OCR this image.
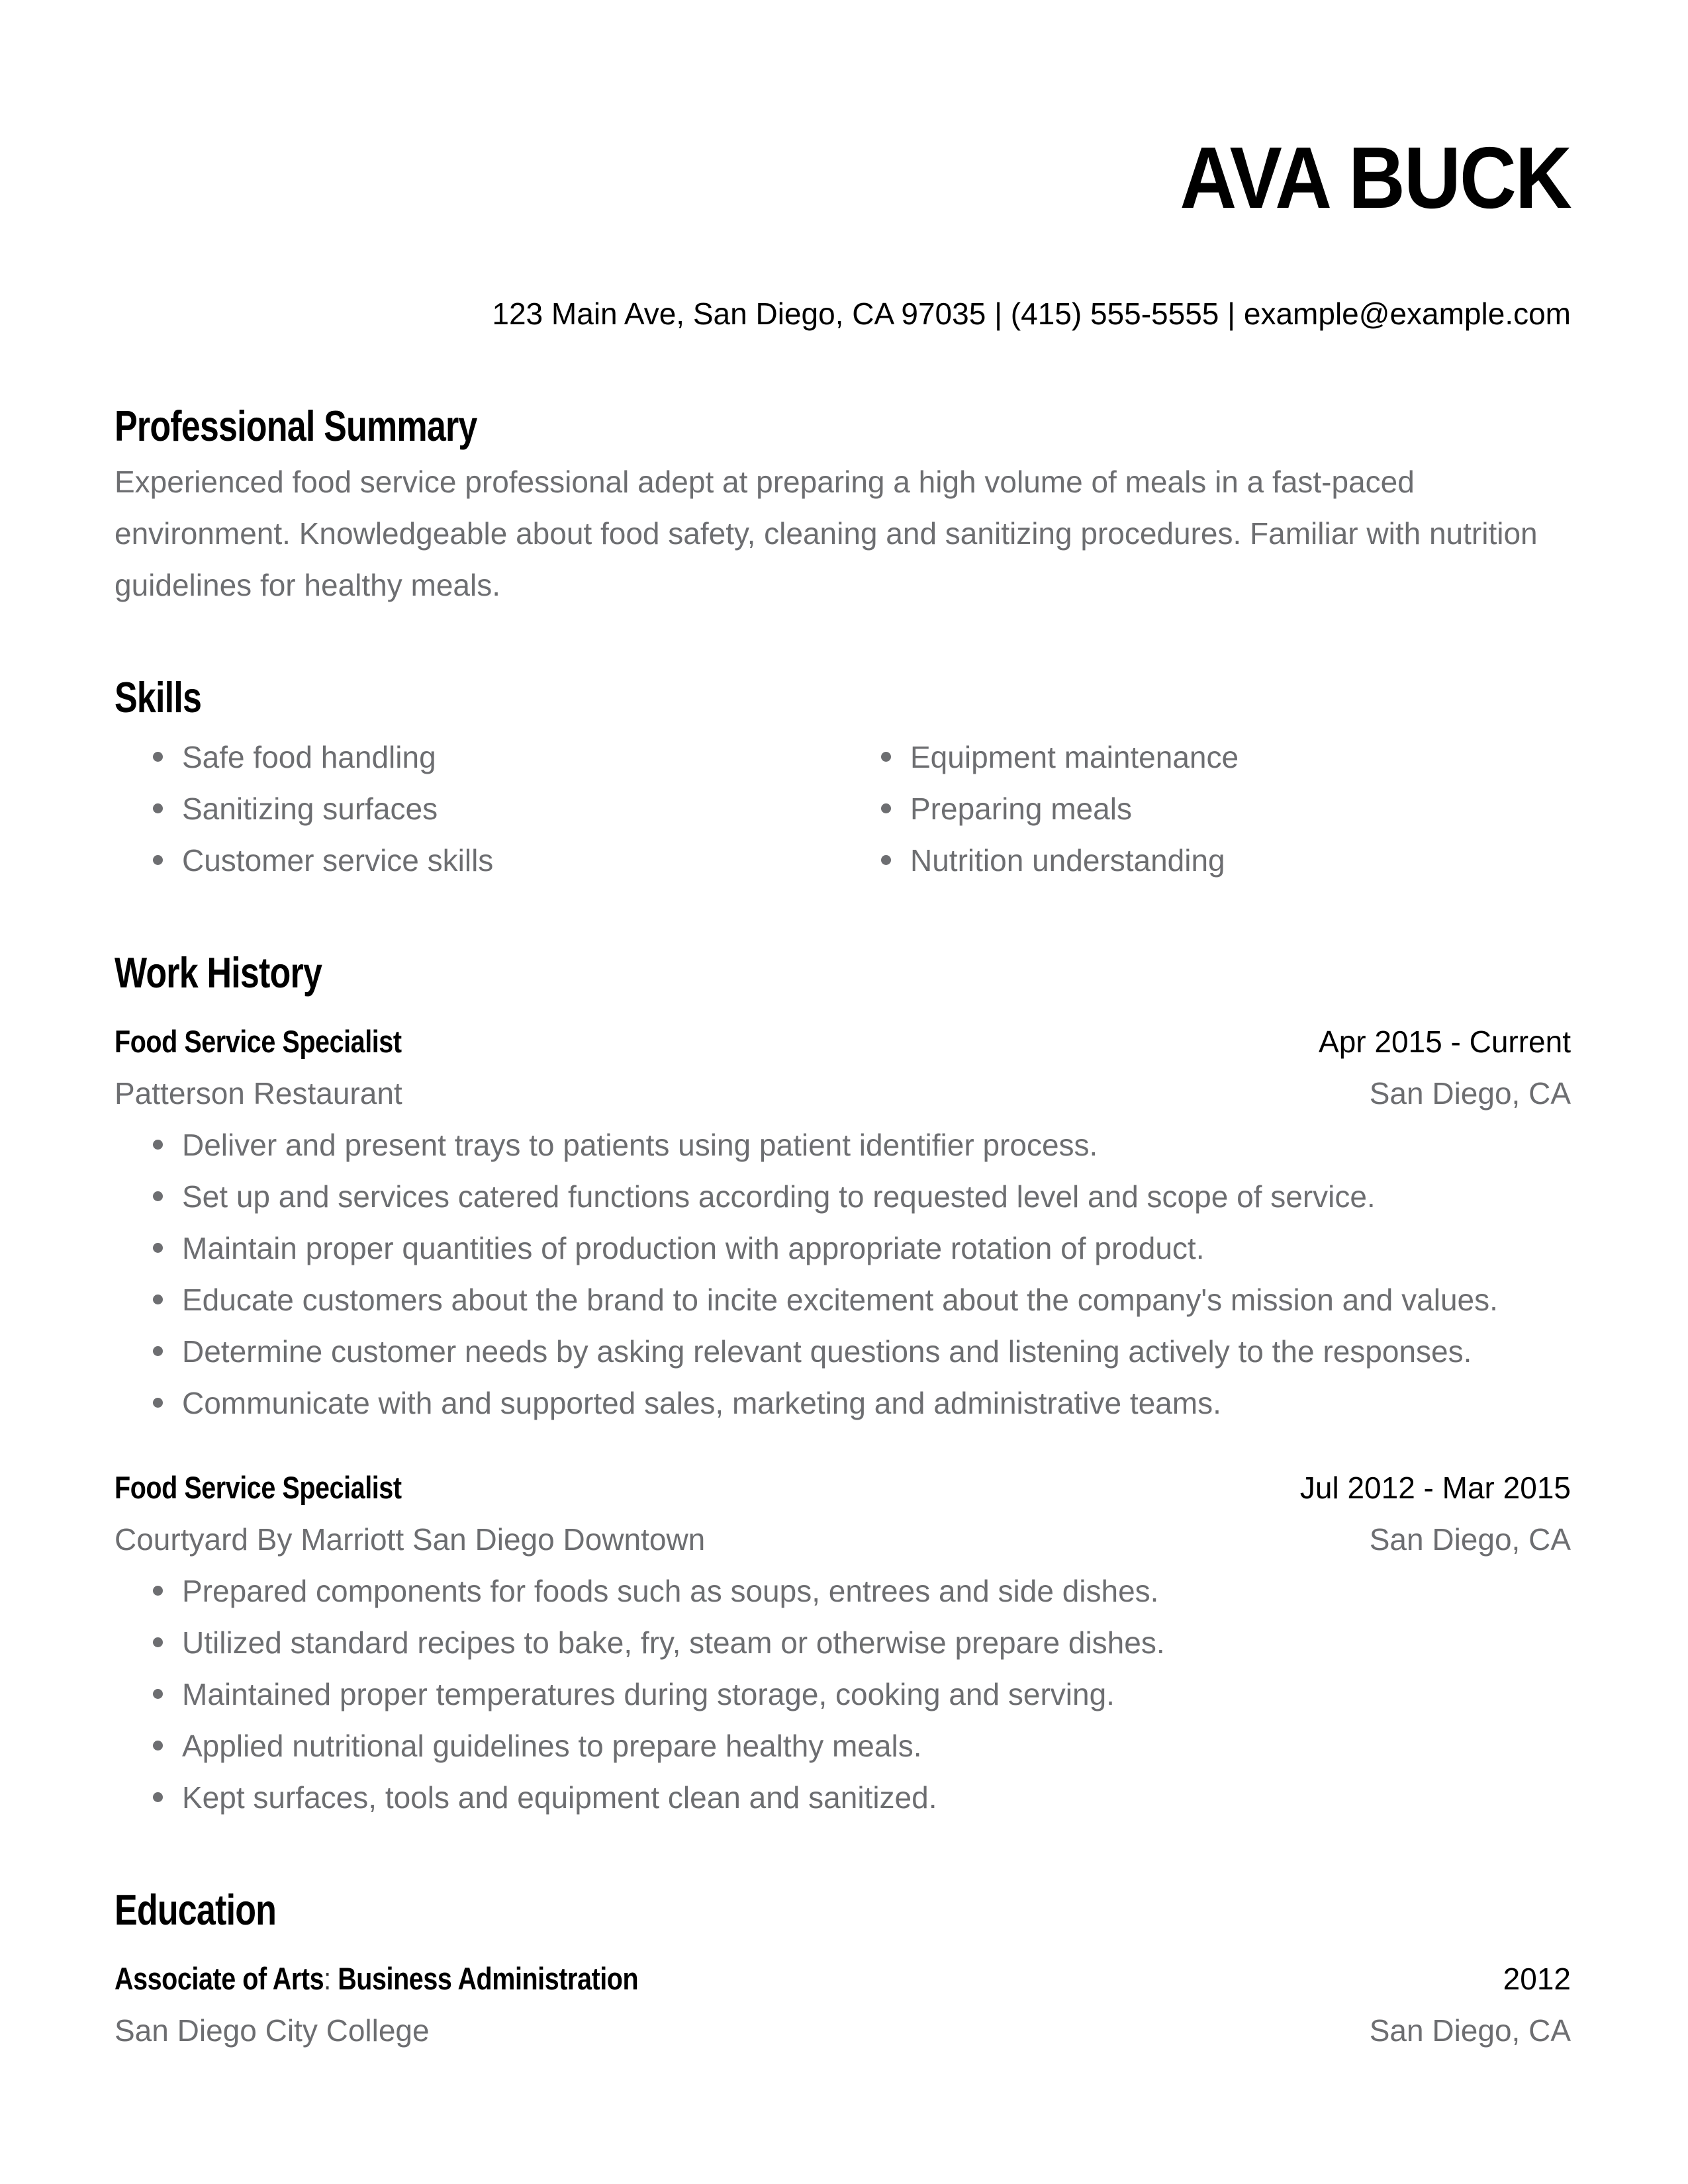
AVA BUCK
123 Main Ave, San Diego, CA 97035 | (415) 555-5555 | example@example.com
Professional Summary

Experienced food service professional adept at preparing a high volume of meals in a fast-paced environment. Knowledgeable about food safety, cleaning and sanitizing procedures. Familiar with nutrition guidelines for healthy meals.

Skills
Safe food handling
Sanitizing surfaces
Customer service skills
Equipment maintenance
Preparing meals
Nutrition understanding
Work History
Food Service Specialist	Apr 2015 - Current
Patterson Restaurant	San Diego, CA
Deliver and present trays to patients using patient identifier process.
Set up and services catered functions according to requested level and scope of service.
Maintain proper quantities of production with appropriate rotation of product.
Educate customers about the brand to incite excitement about the company's mission and values.
Determine customer needs by asking relevant questions and listening actively to the responses.
Communicate with and supported sales, marketing and administrative teams.
Food Service Specialist	Jul 2012 - Mar 2015
Courtyard By Marriott San Diego Downtown	San Diego, CA
Prepared components for foods such as soups, entrees and side dishes.
Utilized standard recipes to bake, fry, steam or otherwise prepare dishes.
Maintained proper temperatures during storage, cooking and serving.
Applied nutritional guidelines to prepare healthy meals.
Kept surfaces, tools and equipment clean and sanitized.
Education
Associate of Arts: Business Administration	2012
San Diego City College	San Diego, CA
